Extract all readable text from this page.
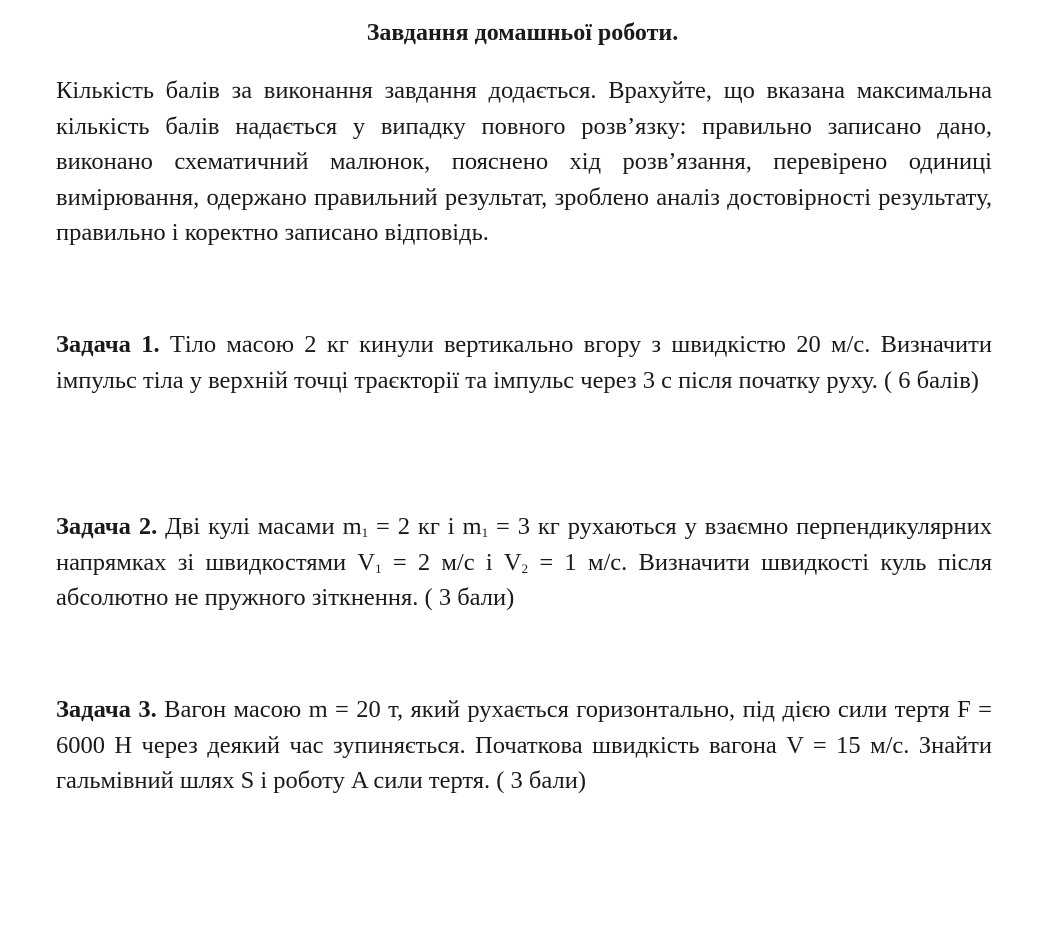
Завдання домашньої роботи.

Кількість балів за виконання завдання додається. Врахуйте, що вказана максимальна кількість балів надається у випадку повного розв’язку: правильно записано дано, виконано схематичний малюнок, пояснено хід розв’язання, перевірено одиниці вимірювання, одержано правильний результат, зроблено аналіз достовірності результату, правильно і коректно записано відповідь.

Задача 1. Тіло масою 2 кг кинули вертикально вгору з швидкістю 20 м/с. Визначити імпульс тіла у верхній точці траєкторії та імпульс через 3 с після початку руху. ( 6 балів)

Задача 2. Дві кулі масами $m_1 = 2$ кг і $m_1 = 3$ кг рухаються у взаємно перпендикулярних напрямках зі швидкостями $V_1 = 2$ м/с і $V_2 = 1$ м/с. Визначити швидкості куль після абсолютно не пружного зіткнення. ( 3 бали)

Задача 3. Вагон масою m = 20 т, який рухається горизонтально, під дією сили тертя F = 6000 Н через деякий час зупиняється. Початкова швидкість вагона V = 15 м/с. Знайти гальмівний шлях S і роботу A сили тертя. ( 3 бали)
